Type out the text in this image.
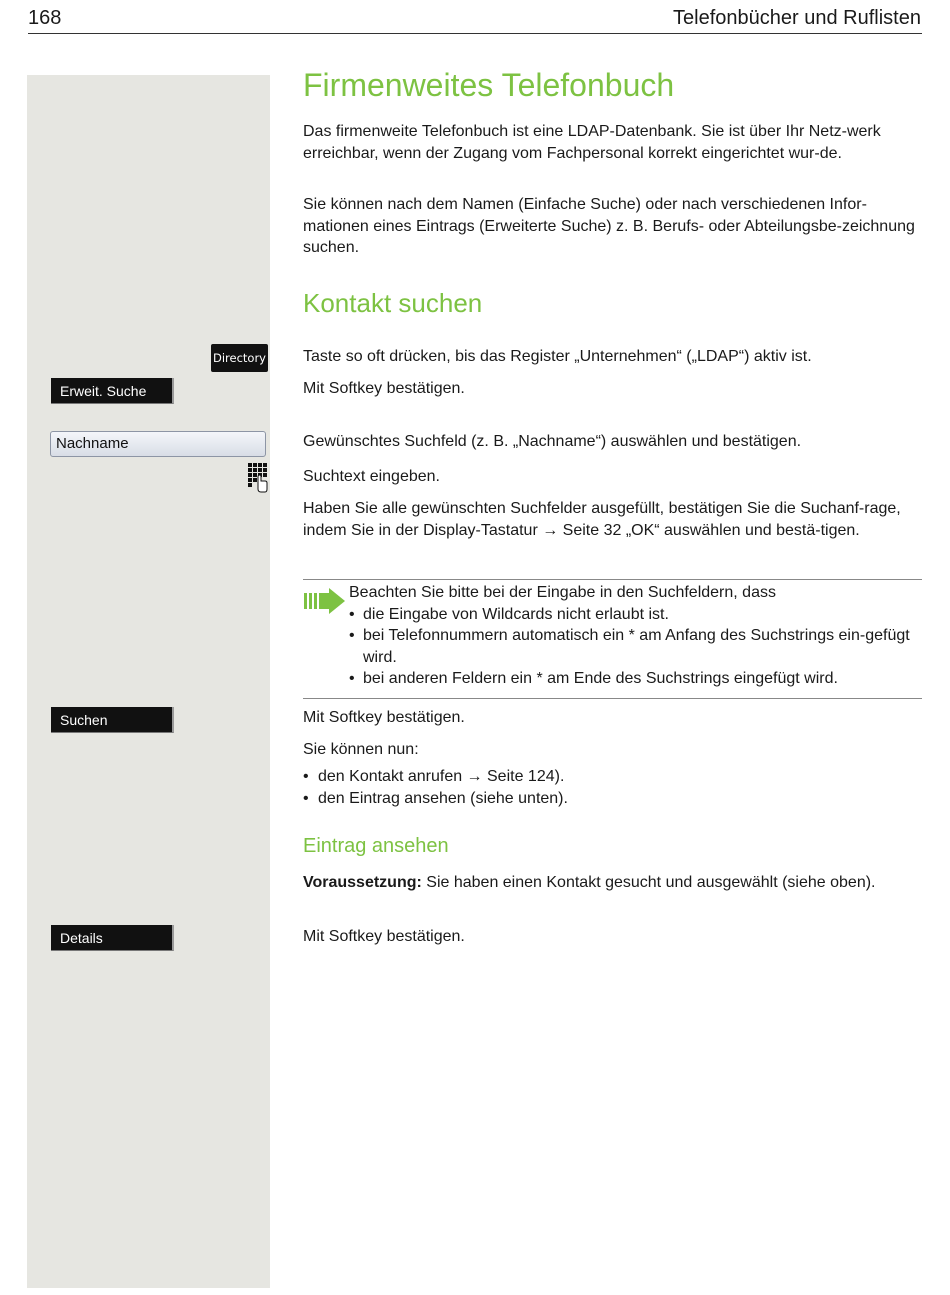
168	Telefonbücher und Ruflisten
Directory
Erweit. Suche
Nachname
Suchen
Details
Firmenweites Telefonbuch
Das firmenweite Telefonbuch ist eine LDAP-Datenbank. Sie ist über Ihr Netz-werk erreichbar, wenn der Zugang vom Fachpersonal korrekt eingerichtet wur-de.
Sie können nach dem Namen (Einfache Suche) oder nach verschiedenen Infor-mationen eines Eintrags (Erweiterte Suche) z. B. Berufs- oder Abteilungsbe-zeichnung suchen.
Kontakt suchen
Taste so oft drücken, bis das Register „Unternehmen“ („LDAP“) aktiv ist.
Mit Softkey bestätigen.
Gewünschtes Suchfeld (z. B. „Nachname“) auswählen und bestätigen.
Suchtext eingeben.
Haben Sie alle gewünschten Suchfelder ausgefüllt, bestätigen Sie die Suchanf-rage, indem Sie in der Display-Tastatur → Seite 32 „OK“ auswählen und bestä-tigen.
Beachten Sie bitte bei der Eingabe in den Suchfeldern, dass
• die Eingabe von Wildcards nicht erlaubt ist.
• bei Telefonnummern automatisch ein * am Anfang des Suchstrings ein-gefügt wird.
• bei anderen Feldern ein * am Ende des Suchstrings eingefügt wird.
Mit Softkey bestätigen.
Sie können nun:
• den Kontakt anrufen → Seite 124).
• den Eintrag ansehen (siehe unten).
Eintrag ansehen
Voraussetzung: Sie haben einen Kontakt gesucht und ausgewählt (siehe oben).
Mit Softkey bestätigen.
